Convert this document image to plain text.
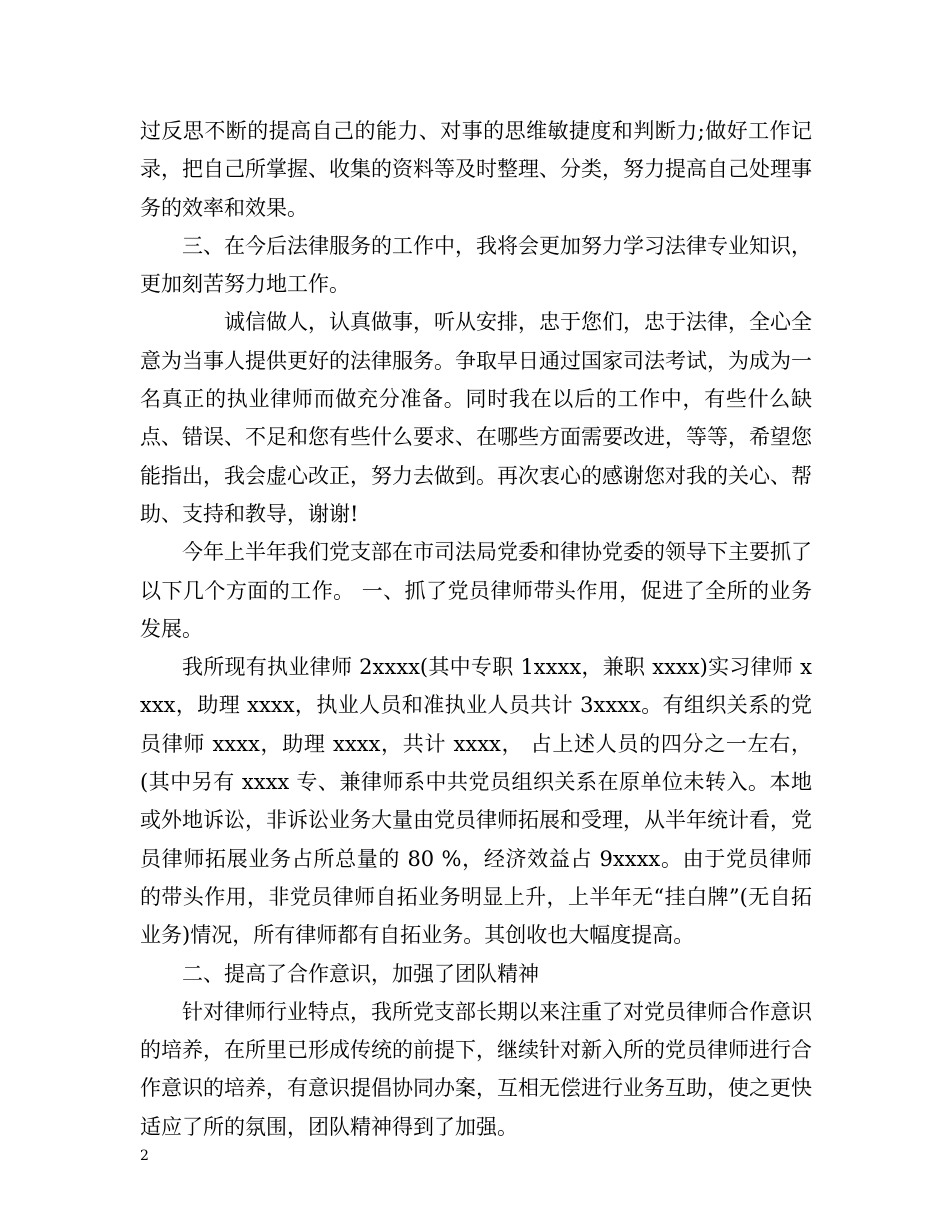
过反思不断的提高自己的能力、对事的思维敏捷度和判断力;做好工作记录，把自己所掌握、收集的资料等及时整理、分类，努力提高自己处理事务的效率和效果。

三、在今后法律服务的工作中，我将会更加努力学习法律专业知识，更加刻苦努力地工作。

诚信做人，认真做事，听从安排，忠于您们，忠于法律，全心全意为当事人提供更好的法律服务。争取早日通过国家司法考试，为成为一名真正的执业律师而做充分准备。同时我在以后的工作中，有些什么缺点、错误、不足和您有些什么要求、在哪些方面需要改进，等等，希望您能指出，我会虚心改正，努力去做到。再次衷心的感谢您对我的关心、帮助、支持和教导，谢谢!

今年上半年我们党支部在市司法局党委和律协党委的领导下主要抓了以下几个方面的工作。 一、抓了党员律师带头作用，促进了全所的业务发展。

我所现有执业律师 2xxxx(其中专职 1xxxx，兼职 xxxx)实习律师 xxxx，助理 xxxx，执业人员和准执业人员共计 3xxxx。有组织关系的党员律师 xxxx，助理 xxxx，共计 xxxx， 占上述人员的四分之一左右，(其中另有 xxxx 专、兼律师系中共党员组织关系在原单位未转入。本地或外地诉讼，非诉讼业务大量由党员律师拓展和受理，从半年统计看，党员律师拓展业务占所总量的 80 %，经济效益占 9xxxx。由于党员律师的带头作用，非党员律师自拓业务明显上升，上半年无“挂白牌”(无自拓业务)情况，所有律师都有自拓业务。其创收也大幅度提高。

二、提高了合作意识，加强了团队精神

针对律师行业特点，我所党支部长期以来注重了对党员律师合作意识的培养，在所里已形成传统的前提下，继续针对新入所的党员律师进行合作意识的培养，有意识提倡协同办案，互相无偿进行业务互助，使之更快适应了所的氛围，团队精神得到了加强。

2
